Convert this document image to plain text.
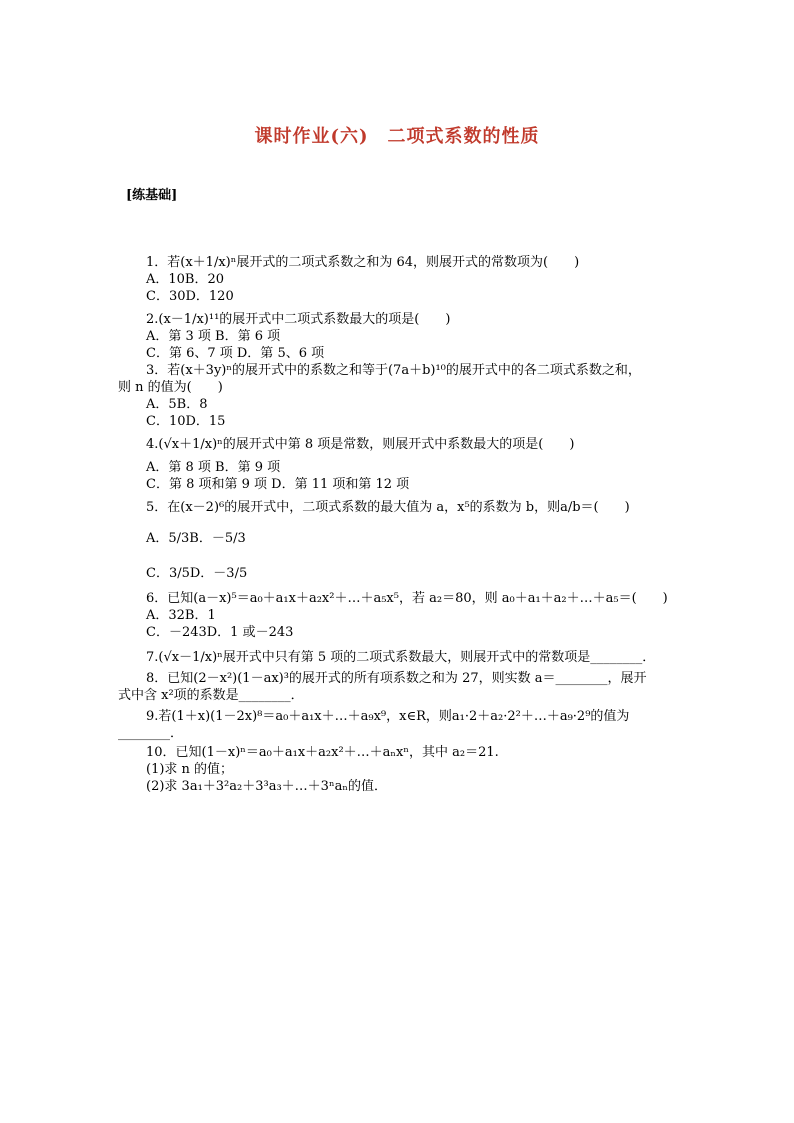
课时作业(六)　二项式系数的性质
[练基础]

1．若(x＋1/x)ⁿ展开式的二项式系数之和为 64，则展开式的常数项为(　　)

A．10B．20

C．30D．120

2.(x－1/x)¹¹的展开式中二项式系数最大的项是(　　)

A．第 3 项 B．第 6 项

C．第 6、7 项 D．第 5、6 项

3．若(x＋3y)ⁿ的展开式中的系数之和等于(7a＋b)¹⁰的展开式中的各二项式系数之和，

则 n 的值为(　　)

A．5B．8

C．10D．15

4.(√x＋1/x)ⁿ的展开式中第 8 项是常数，则展开式中系数最大的项是(　　)

A．第 8 项 B．第 9 项

C．第 8 项和第 9 项 D．第 11 项和第 12 项

5．在(x－2)⁶的展开式中，二项式系数的最大值为 a，x⁵的系数为 b，则a/b＝(　　)

A．5/3B．－5/3

C．3/5D．－3/5

6．已知(a－x)⁵＝a₀＋a₁x＋a₂x²＋…＋a₅x⁵，若 a₂＝80，则 a₀＋a₁＋a₂＋…＋a₅＝(　　)

A．32B．1

C．－243D．1 或－243

7.(√x－1/x)ⁿ展开式中只有第 5 项的二项式系数最大，则展开式中的常数项是________．

8．已知(2－x²)(1－ax)³的展开式的所有项系数之和为 27，则实数 a＝________，展开

式中含 x²项的系数是________．

9.若(1＋x)(1－2x)⁸＝a₀＋a₁x＋…＋a₉x⁹，x∈R，则a₁·2＋a₂·2²＋…＋a₉·2⁹的值为________．

10．已知(1－x)ⁿ＝a₀＋a₁x＋a₂x²＋…＋aₙxⁿ，其中 a₂＝21.

(1)求 n 的值；

(2)求 3a₁＋3²a₂＋3³a₃＋…＋3ⁿaₙ的值．
